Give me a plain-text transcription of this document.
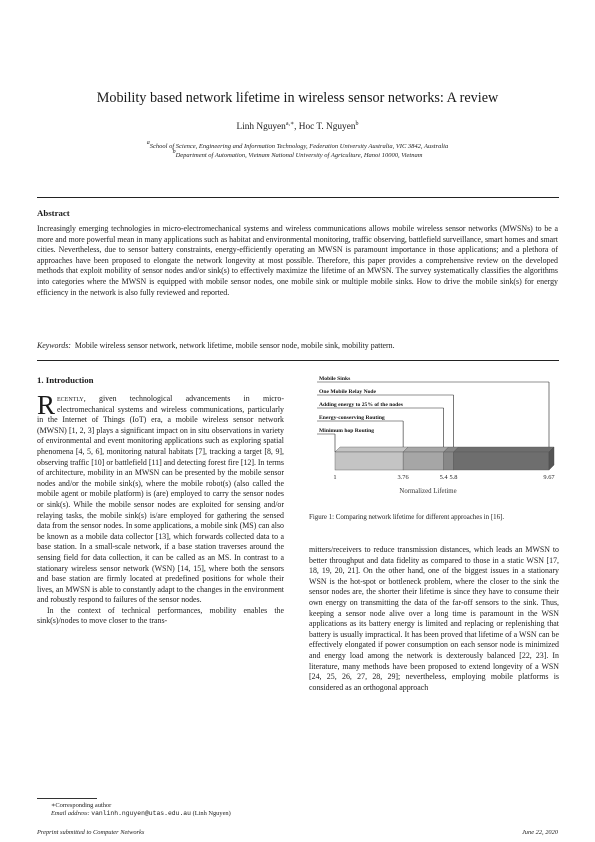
Mobility based network lifetime in wireless sensor networks: A review
Linh Nguyen$^{a,∗}$, Hoc T. Nguyen$^b$
$^a$School of Science, Engineering and Information Technology, Federation University Australia, VIC 3842, Australia
$^b$Department of Automation, Vietnam National University of Agriculture, Hanoi 10000, Vietnam
Abstract

Increasingly emerging technologies in micro-electromechanical systems and wireless communications allows mobile wireless sensor networks (MWSNs) to be a more and more powerful mean in many applications such as habitat and environmental monitoring, traffic observing, battlefield surveillance, smart homes and smart cities. Nevertheless, due to sensor battery constraints, energy-efficiently operating an MWSN is paramount importance in those applications; and a plethora of approaches have been proposed to elongate the network longevity at most possible. Therefore, this paper provides a comprehensive review on the developed methods that exploit mobility of sensor nodes and/or sink(s) to effectively maximize the lifetime of an MWSN. The survey systematically classifies the algorithms into categories where the MWSN is equipped with mobile sensor nodes, one mobile sink or multiple mobile sinks. How to drive the mobile sink(s) for energy efficiency in the network is also fully reviewed and reported.

Keywords: Mobile wireless sensor network, network lifetime, mobile sensor node, mobile sink, mobility pattern.
1. Introduction

Recently, given technological advancements in micro-electromechanical systems and wireless communications, particularly in the Internet of Things (IoT) era, a mobile wireless sensor network (MWSN) [1, 2, 3] plays a significant impact on in situ observations in variety of environmental and event monitoring applications such as exploring spatial phenomena [4, 5, 6], monitoring natural habitats [7], tracking a target [8, 9], observing traffic [10] or battlefield [11] and detecting forest fire [12]. In terms of architecture, mobility in an MWSN can be presented by the mobile sensor nodes and/or the mobile sink(s), where the mobile robot(s) (also called the mobile agent or mobile platform) is (are) employed to carry the sensor nodes or sink(s). While the mobile sensor nodes are exploited for sensing and/or relaying tasks, the mobile sink(s) is/are employed for gathering the sensed data from the sensor nodes. In some applications, a mobile sink (MS) can also be known as a mobile data collector [13], which forwards collected data to a base station. In a small-scale network, if a base station traverses around the sensing field for data collection, it can be called as an MS. In contrast to a stationary wireless sensor network (WSN) [14, 15], where both the sensors and base station are firmly located at predefined positions for whole their lives, an MWSN is able to constantly adapt to the changes in the environment and robustly respond to failures of the sensor nodes.

In the context of technical performances, mobility enables the sink(s)/nodes to move closer to the trans-

Minimum hop Routing
Energy-conserving Routing
Adding energy to 25% of the nodes
One Mobile Relay Node
Mobile Sinks
1	3.76	5.4 5.8	9.67
Normalized Lifetime

Figure 1: Comparing network lifetime for different approaches in [16].

mitters/receivers to reduce transmission distances, which leads an MWSN to better throughput and data fidelity as compared to those in a static WSN [17, 18, 19, 20, 21]. On the other hand, one of the biggest issues in a stationary WSN is the hot-spot or bottleneck problem, where the closer to the sink the sensor nodes are, the shorter their lifetime is since they have to consume their own energy on transmitting the data of the far-off sensors to the sink. Thus, keeping a sensor node alive over a long time is paramount in the WSN applications as its battery energy is limited and replacing or replenishing that battery is usually impractical. It has been proved that lifetime of a WSN can be effectively elongated if power consumption on each sensor node is minimized and energy load among the network is dexterously balanced [22, 23]. In literature, many methods have been proposed to extend longevity of a WSN [24, 25, 26, 27, 28, 29]; nevertheless, employing mobile platforms is considered as an orthogonal approach

∗Corresponding author
Email address: vanlinh.nguyen@utas.edu.au (Linh Nguyen)
Preprint submitted to Computer Networks	June 22, 2020
